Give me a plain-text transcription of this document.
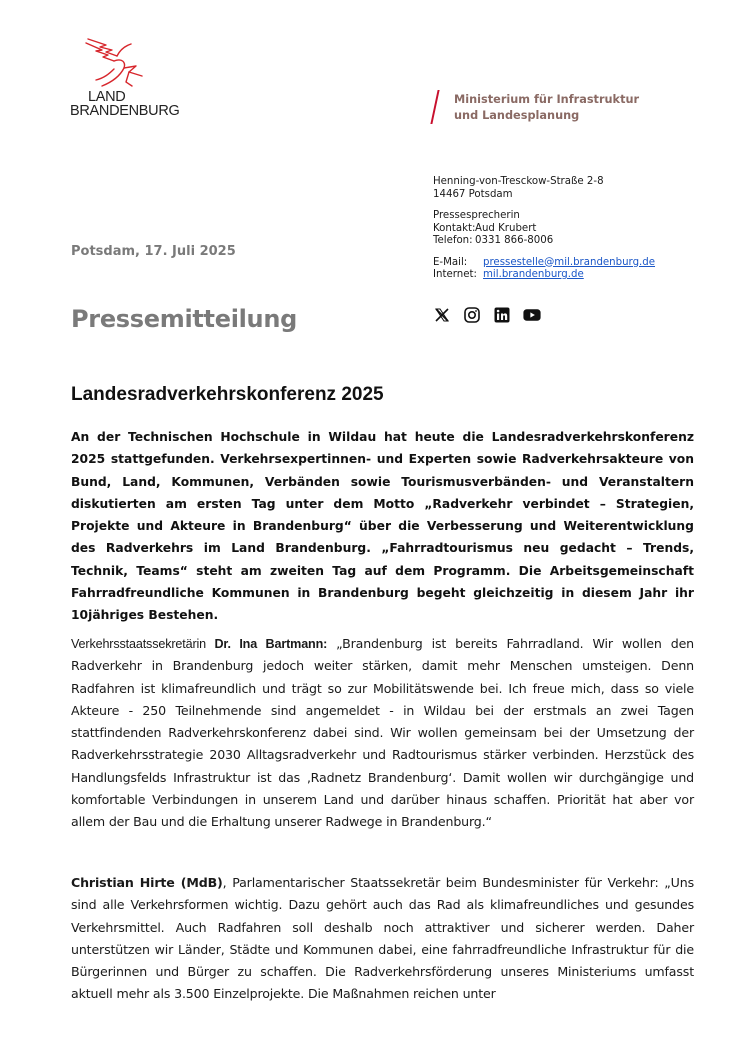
LAND
BRANDENBURG
Ministerium für Infrastruktur
und Landesplanung
Henning-von-Tresckow-Straße 2-8
14467 Potsdam
Pressesprecherin
Kontakt: Aud Krubert
Telefon: 0331 866-8006
E-Mail:	pressestelle@mil.brandenburg.de
Internet: mil.brandenburg.de
Potsdam, 17. Juli 2025
Pressemitteilung
Landesradverkehrskonferenz 2025
An der Technischen Hochschule in Wildau hat heute die Landesradverkehrskonferenz 2025 stattgefunden. Verkehrsexpertinnen- und Experten sowie Radverkehrsakteure von Bund, Land, Kommunen, Verbänden sowie Tourismusverbänden- und Veranstaltern diskutierten am ersten Tag unter dem Motto „Radverkehr verbindet – Strategien, Projekte und Akteure in Brandenburg“ über die Verbesserung und Weiterentwicklung des Radverkehrs im Land Brandenburg. „Fahrradtourismus neu gedacht – Trends, Technik, Teams“ steht am zweiten Tag auf dem Programm. Die Arbeitsgemeinschaft Fahrradfreundliche Kommunen in Brandenburg begeht gleichzeitig in diesem Jahr ihr 10jähriges Bestehen.
Verkehrsstaatssekretärin Dr. Ina Bartmann: „Brandenburg ist bereits Fahrradland. Wir wollen den Radverkehr in Brandenburg jedoch weiter stärken, damit mehr Menschen umsteigen. Denn Radfahren ist klimafreundlich und trägt so zur Mobilitätswende bei. Ich freue mich, dass so viele Akteure - 250 Teilnehmende sind angemeldet - in Wildau bei der erstmals an zwei Tagen stattfindenden Radverkehrskonferenz dabei sind. Wir wollen gemeinsam bei der Umsetzung der Radverkehrsstrategie 2030 Alltagsradverkehr und Radtourismus stärker verbinden. Herzstück des Handlungsfelds Infrastruktur ist das ‚Radnetz Brandenburg‘. Damit wollen wir durchgängige und komfortable Verbindungen in unserem Land und darüber hinaus schaffen. Priorität hat aber vor allem der Bau und die Erhaltung unserer Radwege in Brandenburg.“
Christian Hirte (MdB), Parlamentarischer Staatssekretär beim Bundesminister für Verkehr: „Uns sind alle Verkehrsformen wichtig. Dazu gehört auch das Rad als klimafreundliches und gesundes Verkehrsmittel. Auch Radfahren soll deshalb noch attraktiver und sicherer werden. Daher unterstützen wir Länder, Städte und Kommunen dabei, eine fahrradfreundliche Infrastruktur für die Bürgerinnen und Bürger zu schaffen. Die Radverkehrsförderung unseres Ministeriums umfasst aktuell mehr als 3.500 Einzelprojekte. Die Maßnahmen reichen unter
